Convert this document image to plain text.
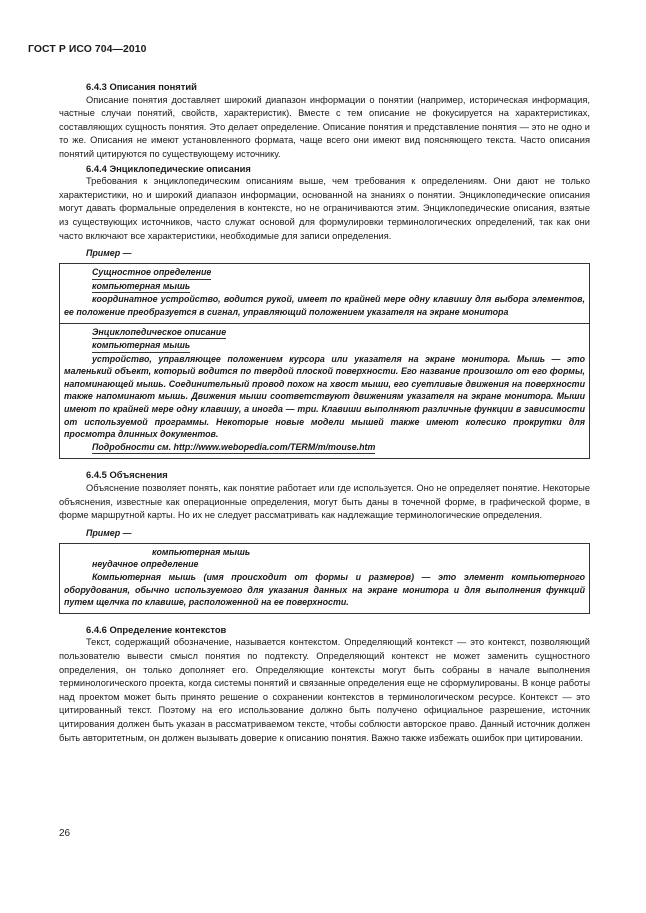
ГОСТ Р ИСО 704—2010
6.4.3 Описания понятий

Описание понятия доставляет широкий диапазон информации о понятии (например, историческая информация, частные случаи понятий, свойств, характеристик). Вместе с тем описание не фокусируется на характеристиках, составляющих сущность понятия. Это делает определение. Описание понятия и представление понятия — это не одно и то же. Описания не имеют установленного формата, чаще всего они имеют вид поясняющего текста. Часто описания понятий цитируются по существующему источнику.

6.4.4 Энциклопедические описания

Требования к энциклопедическим описаниям выше, чем требования к определениям. Они дают не только характеристики, но и широкий диапазон информации, основанной на знаниях о понятии. Энциклопедические описания могут давать формальные определения в контексте, но не ограничиваются этим. Энциклопедические описания, взятые из существующих источников, часто служат основой для формулировки терминологических определений, так как они часто включают все характеристики, необходимые для записи определения.

Пример —
Сущностное определение
компьютерная мышь
координатное устройство, водится рукой, имеет по крайней мере одну клавишу для выбора элементов, ее положение преобразуется в сигнал, управляющий положением указателя на экране монитора
Энциклопедическое описание
компьютерная мышь
устройство, управляющее положением курсора или указателя на экране монитора. Мышь — это маленький объект, который водится по твердой плоской поверхности. Его название произошло от его формы, напоминающей мышь. Соединительный провод похож на хвост мыши, его суетливые движения на поверхности также напоминают мышь. Движения мыши соответствуют движениям указателя на экране монитора. Мыши имеют по крайней мере одну клавишу, а иногда — три. Клавиши выполняют различные функции в зависимости от используемой программы. Некоторые новые модели мышей также имеют колесико прокрутки для просмотра длинных документов.
Подробности см. http://www.webopedia.com/TERM/m/mouse.htm
6.4.5 Объяснения

Объяснение позволяет понять, как понятие работает или где используется. Оно не определяет понятие. Некоторые объяснения, известные как операционные определения, могут быть даны в точечной форме, в графической форме, в форме маршрутной карты. Но их не следует рассматривать как надлежащие терминологические определения.

Пример —
компьютерная мышь
неудачное определение
Компьютерная мышь (имя происходит от формы и размеров) — это элемент компьютерного оборудования, обычно используемого для указания данных на экране монитора и для выполнения функций путем щелчка по клавише, расположенной на ее поверхности.
6.4.6 Определение контекстов

Текст, содержащий обозначение, называется контекстом. Определяющий контекст — это контекст, позволяющий пользователю вывести смысл понятия по подтексту. Определяющий контекст не может заменить сущностного определения, он только дополняет его. Определяющие контексты могут быть собраны в начале выполнения терминологического проекта, когда системы понятий и связанные определения еще не сформулированы. В конце работы над проектом может быть принято решение о сохранении контекстов в терминологическом ресурсе. Контекст — это цитированный текст. Поэтому на его использование должно быть получено официальное разрешение, источник цитирования должен быть указан в рассматриваемом тексте, чтобы соблюсти авторское право. Данный источник должен быть авторитетным, он должен вызывать доверие к описанию понятия. Важно также избежать ошибок при цитировании.

26
